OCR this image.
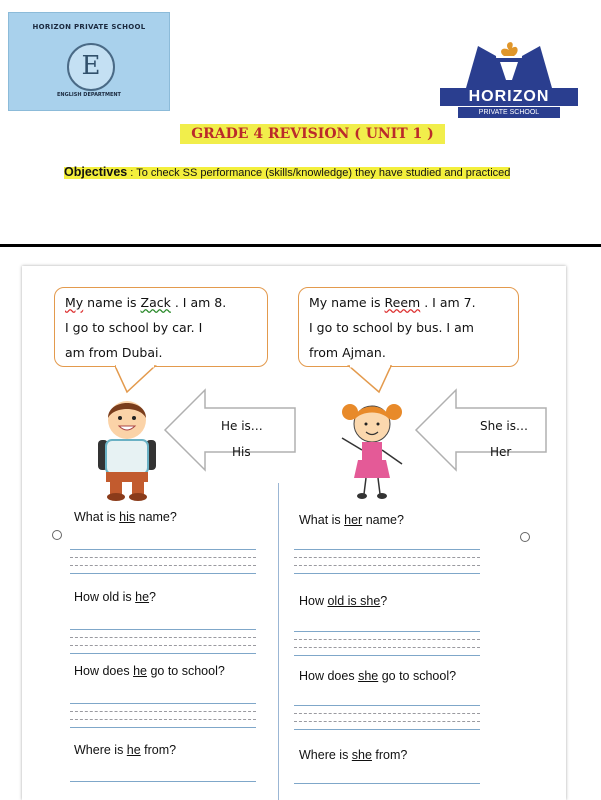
HORIZON PRIVATE SCHOOL
E
ENGLISH DEPARTMENT	HORIZON
PRIVATE SCHOOL
GRADE 4 REVISION ( UNIT 1 )
Objectives : To check SS performance (skills/knowledge) they have studied and practiced
My name is Zack . I am 8.
I go to school by car. I
am from Dubai.
My name is Reem . I am 7.
I go to school by bus. I am
from Ajman.
He is…
His
She is…
Her
What is his name?
How old is he?
How does he go to school?
Where is he from?
What is her name?
How old is she?
How does she go to school?
Where is she from?
